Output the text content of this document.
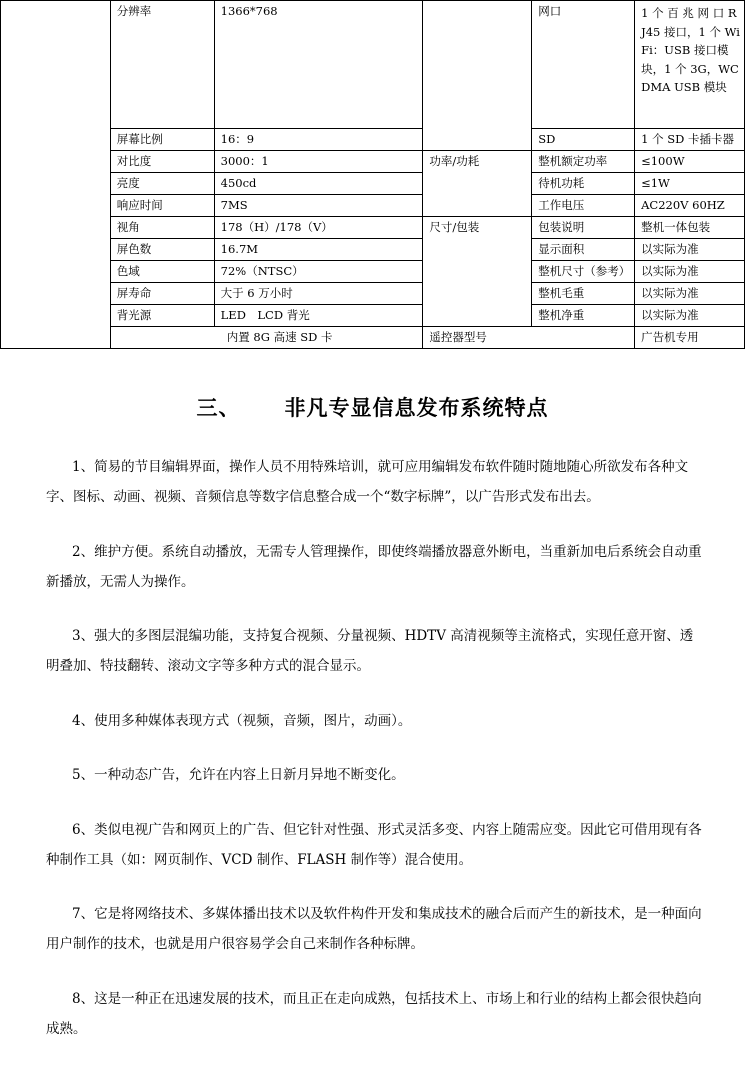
	分辨率	1366*768		网口	1 个 百 兆 网 口 RJ45 接口，1 个 WiFi：USB 接口模块，1 个 3G，WCDMA USB 模块
	屏幕比例	16：9		SD	1 个 SD 卡插卡器
	对比度	3000：1	功率/功耗	整机额定功率	≤100W
	亮度	450cd		待机功耗	≤1W
	响应时间	7MS		工作电压	AC220V 60HZ
	视角	178（H）/178（V）	尺寸/包装	包装说明	整机一体包装
	屏色数	16.7M		显示面积	以实际为准
	色域	72%（NTSC）		整机尺寸（参考）	以实际为准
	屏寿命	大于 6 万小时		整机毛重	以实际为准
	背光源	LED　LCD 背光		整机净重	以实际为准
	内置 8G 高速 SD 卡		遥控器型号		广告机专用
三、 非凡专显信息发布系统特点

1、简易的节目编辑界面，操作人员不用特殊培训，就可应用编辑发布软件随时随地随心所欲发布各种文字、图标、动画、视频、音频信息等数字信息整合成一个“数字标牌”，以广告形式发布出去。

2、维护方便。系统自动播放，无需专人管理操作，即使终端播放器意外断电，当重新加电后系统会自动重新播放，无需人为操作。

3、强大的多图层混编功能，支持复合视频、分量视频、HDTV 高清视频等主流格式，实现任意开窗、透明叠加、特技翻转、滚动文字等多种方式的混合显示。

4、使用多种媒体表现方式（视频，音频，图片，动画）。

5、一种动态广告，允许在内容上日新月异地不断变化。

6、类似电视广告和网页上的广告、但它针对性强、形式灵活多变、内容上随需应变。因此它可借用现有各种制作工具（如：网页制作、VCD 制作、FLASH 制作等）混合使用。

7、它是将网络技术、多媒体播出技术以及软件构件开发和集成技术的融合后而产生的新技术，是一种面向用户制作的技术，也就是用户很容易学会自己来制作各种标牌。

8、这是一种正在迅速发展的技术，而且正在走向成熟，包括技术上、市场上和行业的结构上都会很快趋向成熟。
